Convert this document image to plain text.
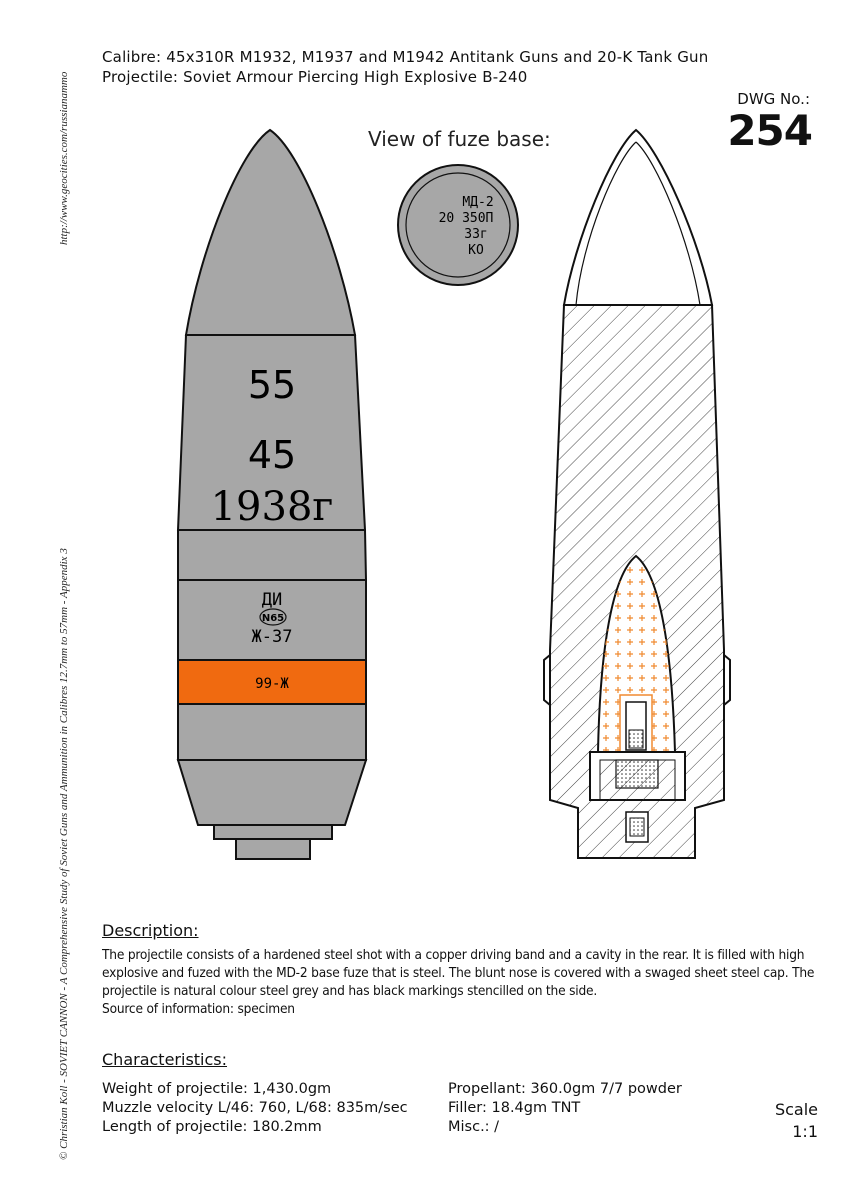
http://www.geocities.com/russianammo
© Christian Koll - SOVIET CANNON - A Comprehensive Study of Soviet Guns and Ammunition in Calibres 12.7mm to 57mm - Appendix 3
Calibre: 45x310R M1932, M1937 and M1942 Antitank Guns and 20-K Tank Gun
Projectile: Soviet Armour Piercing High Explosive B-240
DWG No.:
254
View of fuze base:
МД-2
20 350П
33г
КО
55
45
1938г
ДИ
N65
Ж-37
99-Ж
Description:

The projectile consists of a hardened steel shot with a copper driving band and a cavity in the rear. It is filled with high

explosive and fuzed with the MD-2 base fuze that is steel. The blunt nose is covered with a swaged sheet steel cap. The

projectile is natural colour steel grey and has black markings stencilled on the side.

Source of information: specimen

Characteristics:
Weight of projectile: 1,430.0gm
Muzzle velocity L/46: 760, L/68: 835m/sec
Length of projectile: 180.2mm
Propellant: 360.0gm 7/7 powder
Filler: 18.4gm TNT
Misc.: /
Scale
1:1
